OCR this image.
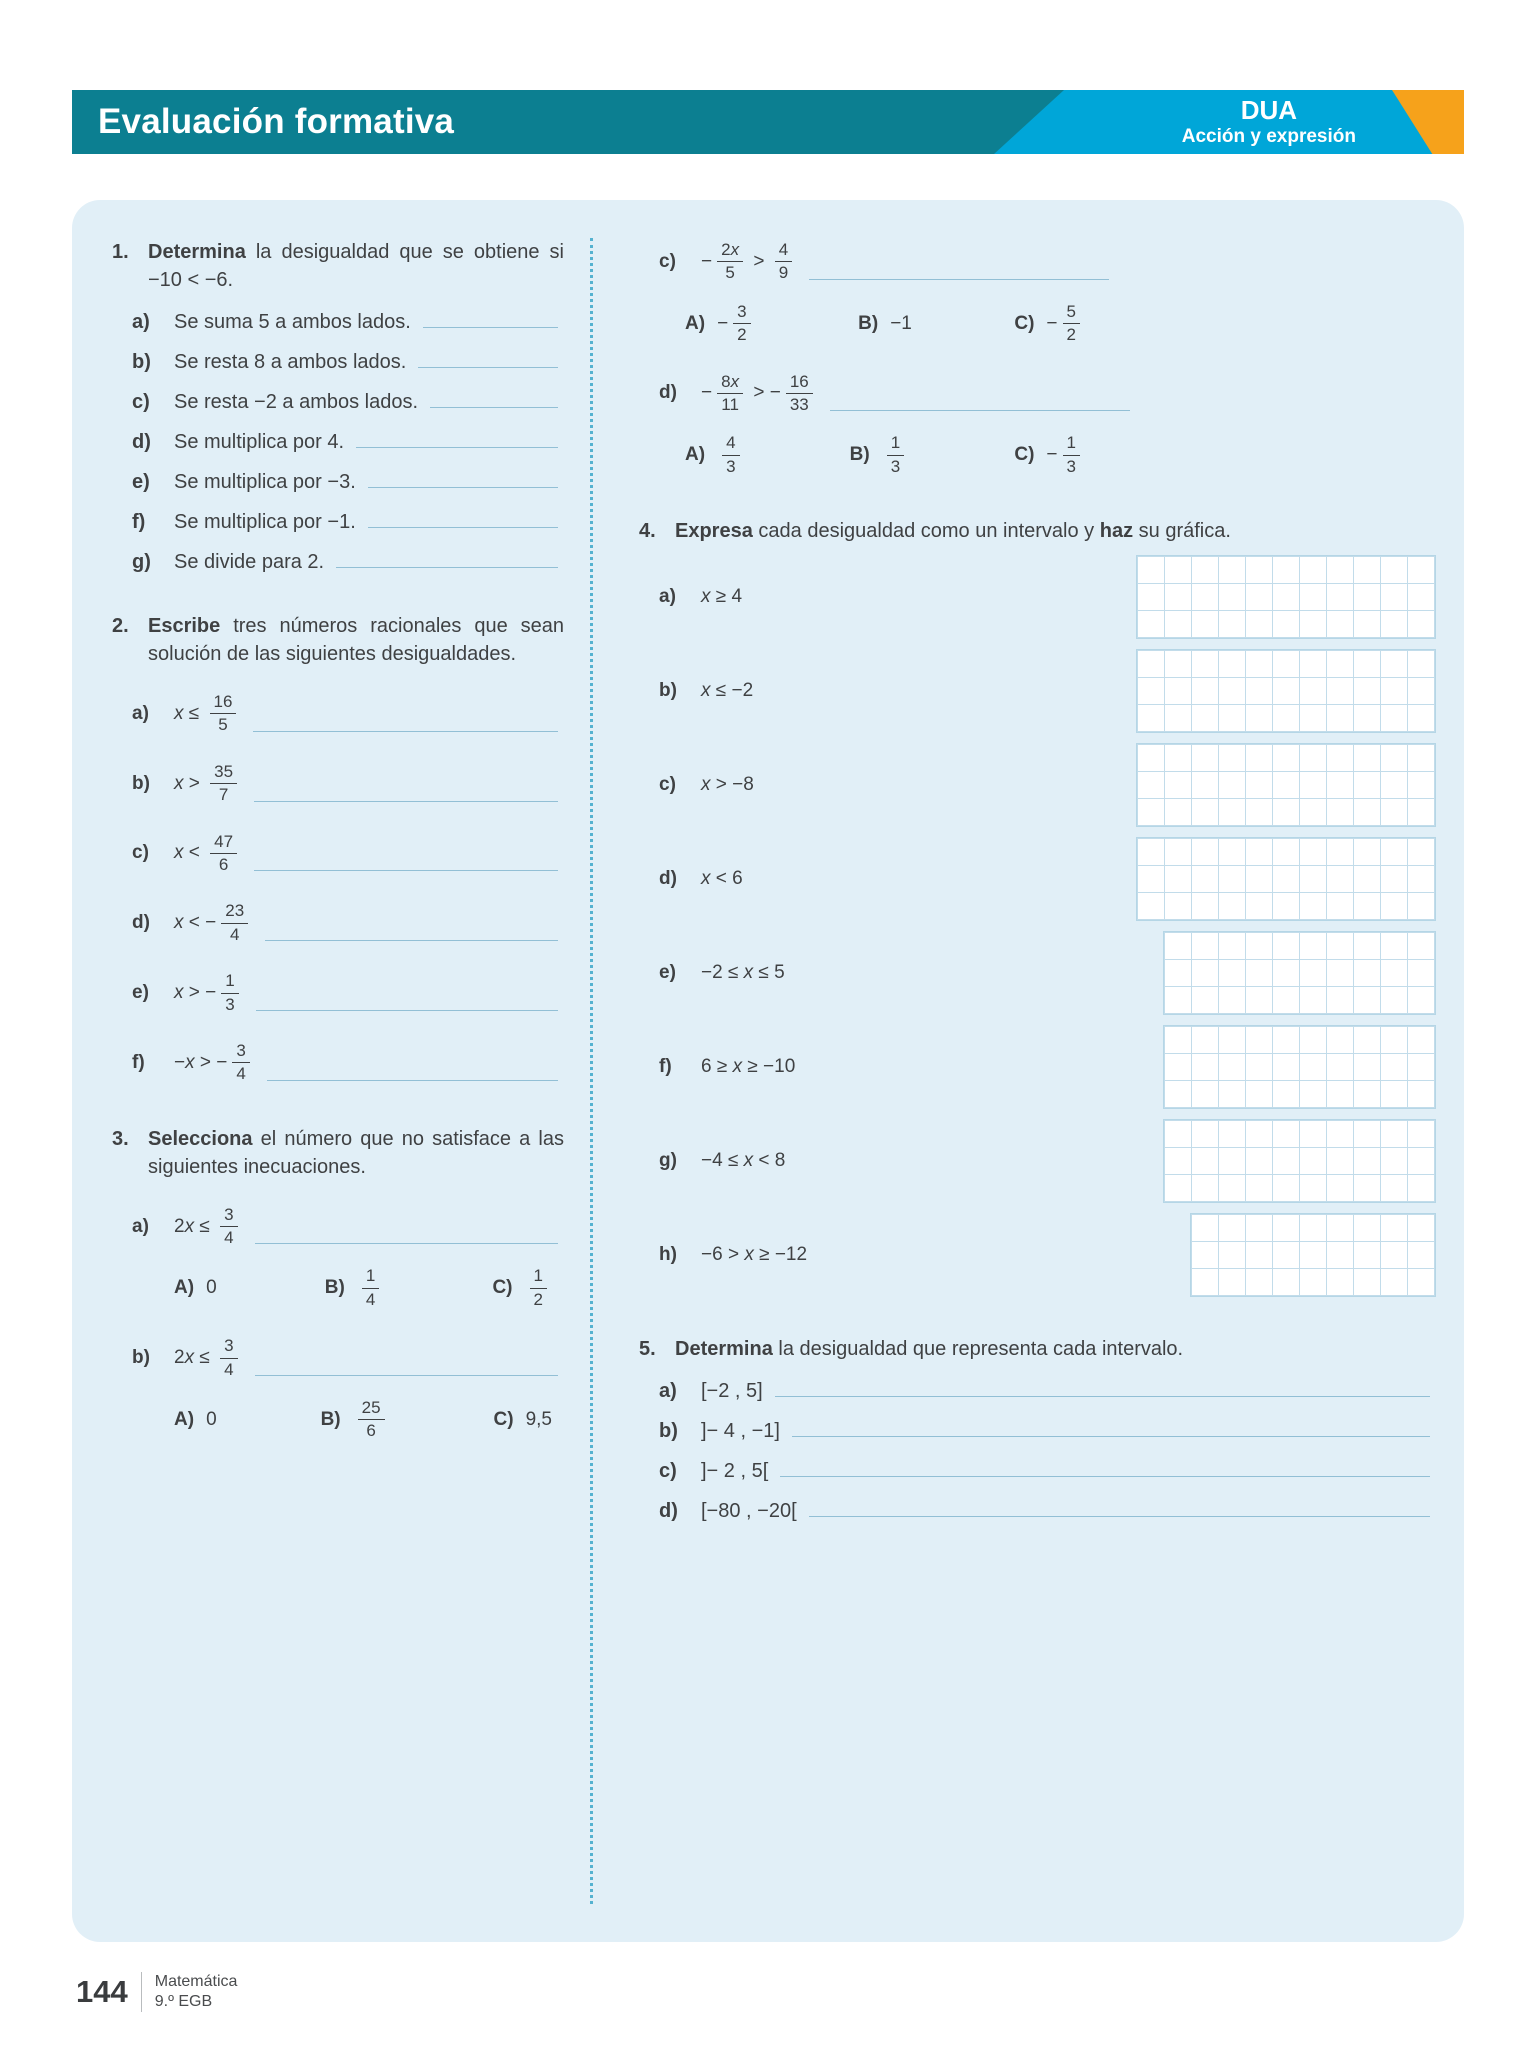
Evaluación formativa	DUA
Acción y expresión
1. Determina la desigualdad que se obtiene si −10 < −6.
a)	Se suma 5 a ambos lados.
b)	Se resta 8 a ambos lados.
c)	Se resta −2 a ambos lados.
d)	Se multiplica por 4.
e)	Se multiplica por −3.
f)	Se multiplica por −1.
g)	Se divide para 2.
2. Escribe tres números racionales que sean solución de las siguientes desigualdades.
a)	$x \le \frac{16}{5}$
b)	$x > \frac{35}{7}$
c)	$x < \frac{47}{6}$
d)	x < − $\frac{23}{4}$
e)	x > − $\frac{1}{3}$
f)	− x > − $\frac{3}{4}$
3. Selecciona el número que no satisface a las siguientes inecuaciones.
a)	2 $x \le \frac{3}{4}$
A) 0	$B) \frac{1}{4}$	$C) \frac{1}{2}$
b)	2 $x \le \frac{3}{4}$
A) 0	$B) \frac{25}{6}$	C) 9,5
c)	− $\frac{2x}{5} > \frac{4}{9}$
$A) - \frac{3}{2}$	B) −1	$C) - \frac{5}{2}$
d)	− $\frac{8x}{11}$ > − $\frac{16}{33}$
$A) \frac{4}{3}$	$B) \frac{1}{3}$	$C) - \frac{1}{3}$
4. Expresa cada desigualdad como un intervalo y haz su gráfica.
a)	x ≥ 4
b)	x ≤ −2
c)	x > −8
d)	x < 6
e)	−2 ≤ x ≤ 5
f)	6 ≥ x ≥ −10
g)	−4 ≤ x < 8
h)	−6 > x ≥ −12
5. Determina la desigualdad que representa cada intervalo.
a)	[−2 , 5]
b)	]− 4 , −1]
c)	]− 2 , 5[
d)	[−80 , −20[
144 Matemática
9.º EGB
